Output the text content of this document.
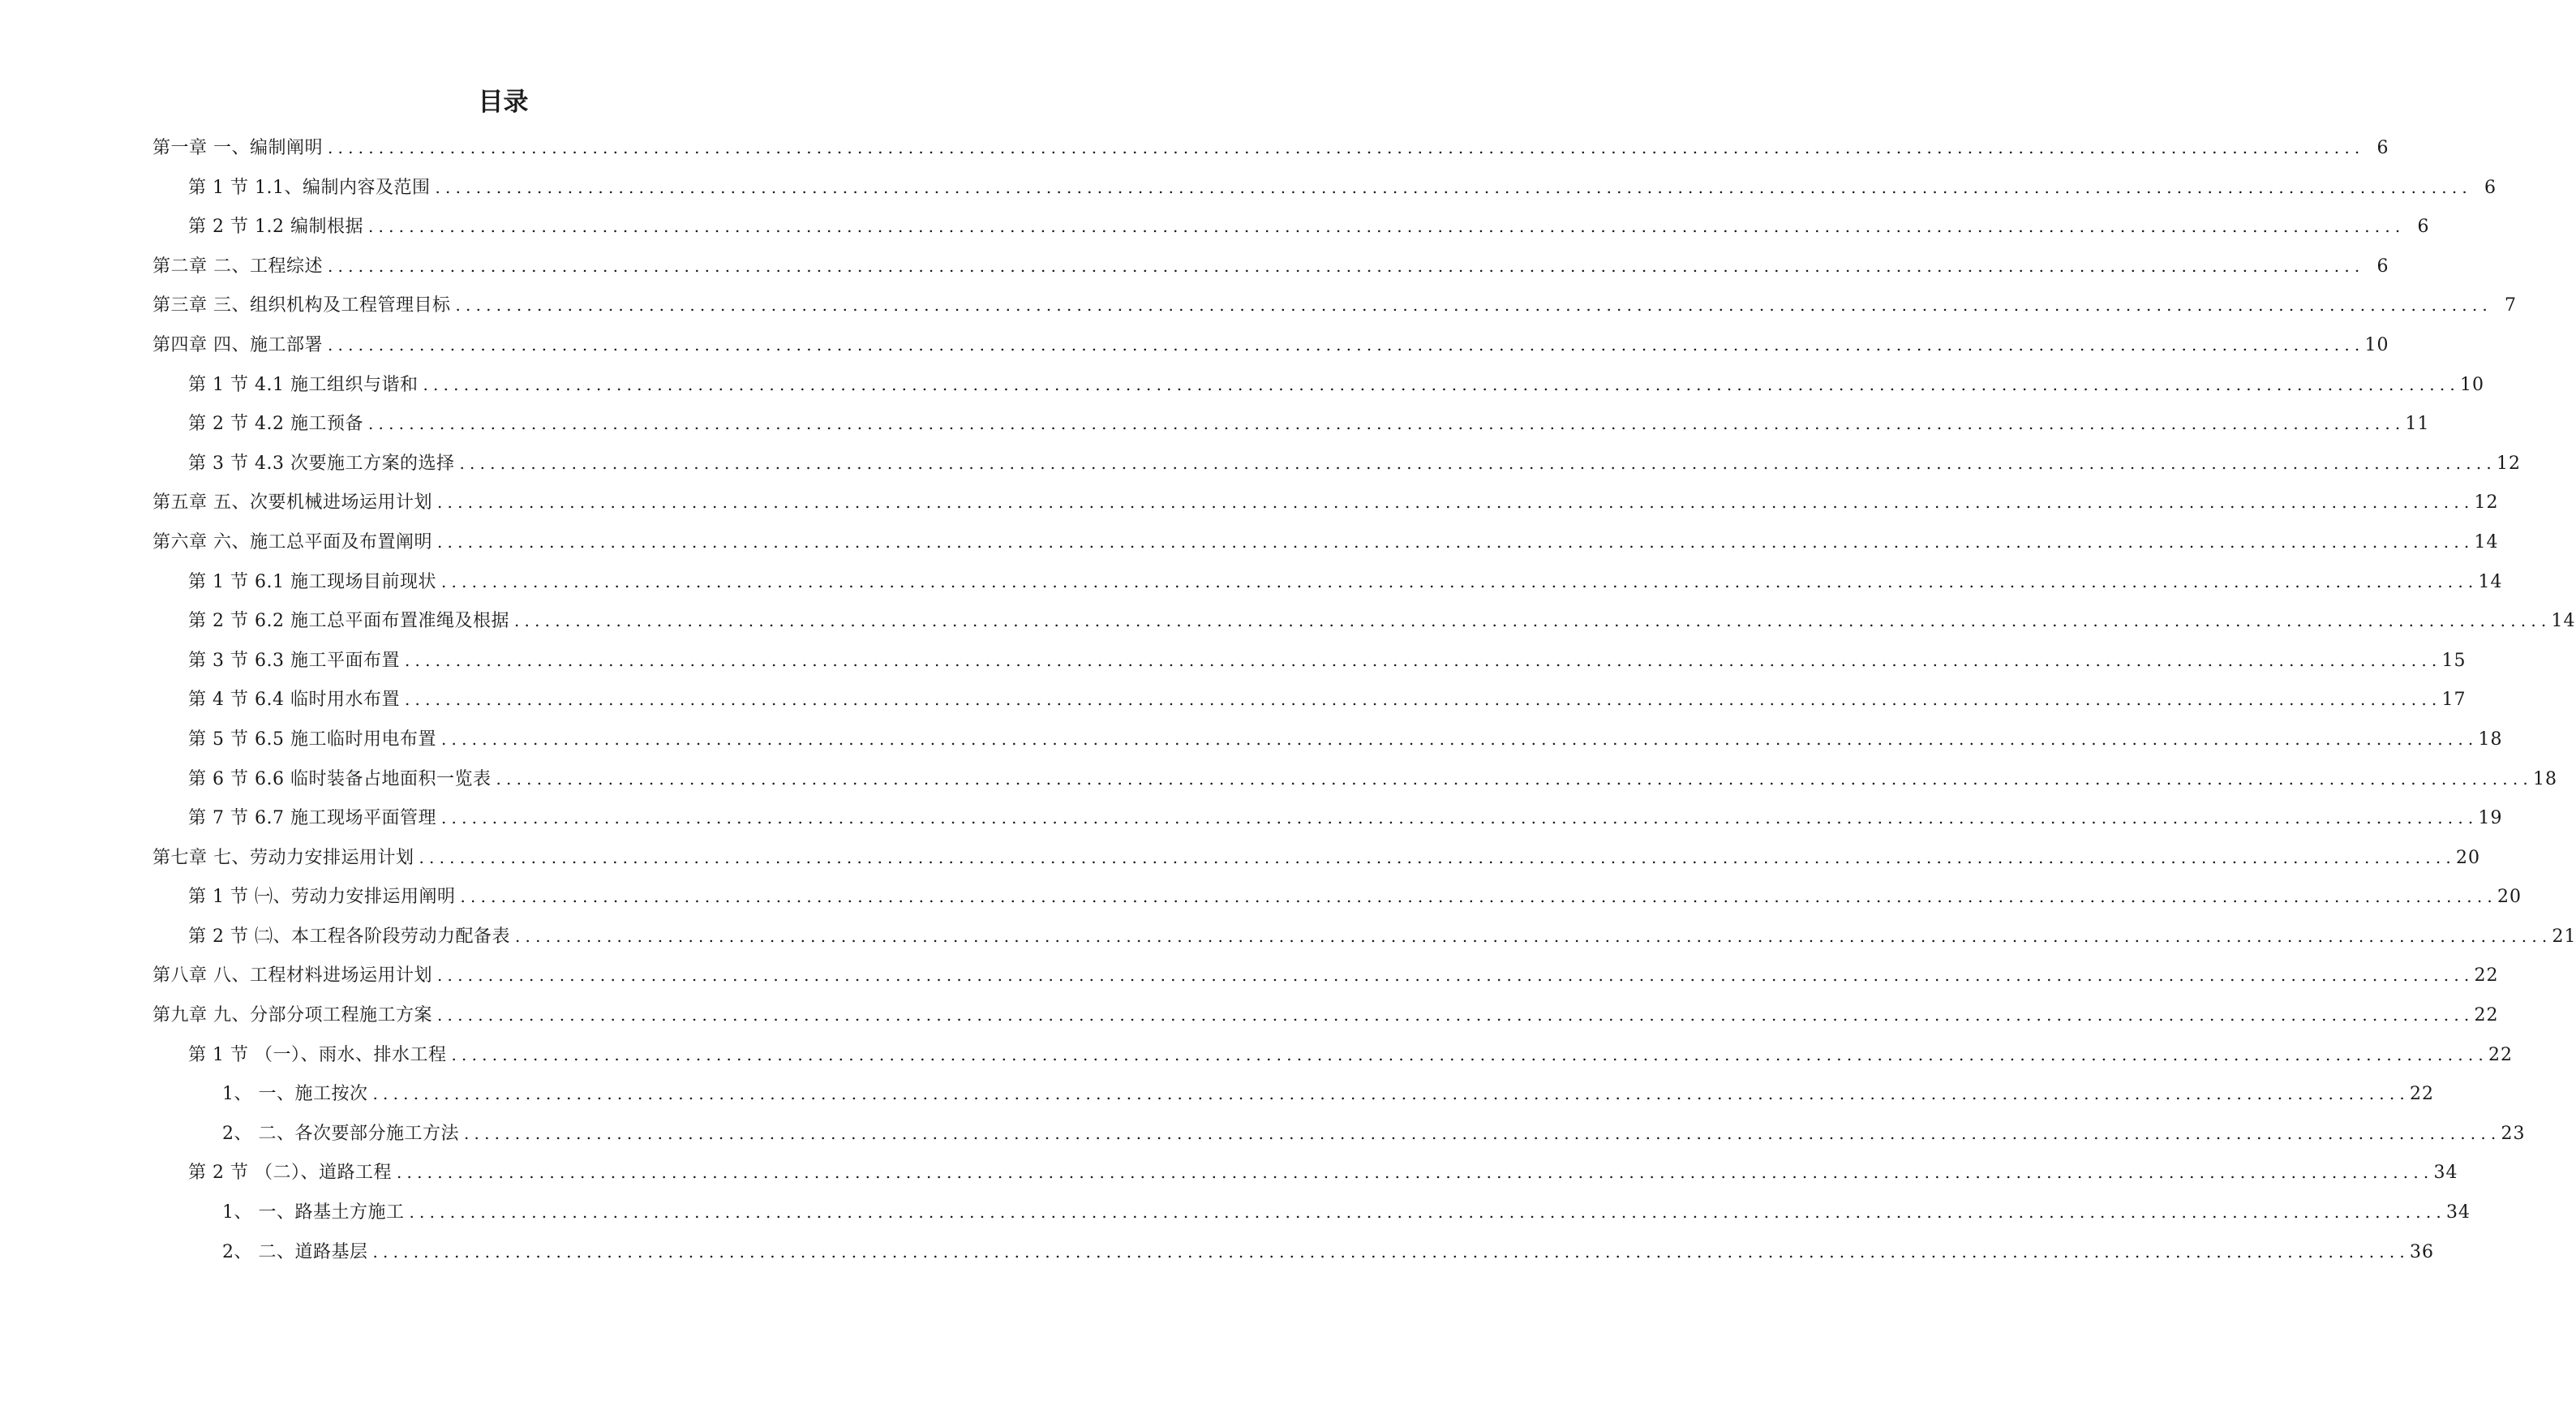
目录
第一章 一、编制阐明 ........................................................................................................................................................................................................ 6
第 1 节 1.1、编制内容及范围 ........................................................................................................................................................................................................ 6
第 2 节 1.2 编制根据 ........................................................................................................................................................................................................ 6
第二章 二、工程综述 ........................................................................................................................................................................................................ 6
第三章 三、组织机构及工程管理目标 ........................................................................................................................................................................................................ 7
第四章 四、施工部署 ........................................................................................................................................................................................................ 10
第 1 节 4.1 施工组织与谐和 ........................................................................................................................................................................................................ 10
第 2 节 4.2 施工预备 ........................................................................................................................................................................................................ 11
第 3 节 4.3 次要施工方案的选择 ........................................................................................................................................................................................................ 12
第五章 五、次要机械进场运用计划 ........................................................................................................................................................................................................ 12
第六章 六、施工总平面及布置阐明 ........................................................................................................................................................................................................ 14
第 1 节 6.1 施工现场目前现状 ........................................................................................................................................................................................................ 14
第 2 节 6.2 施工总平面布置准绳及根据 ........................................................................................................................................................................................................ 14
第 3 节 6.3 施工平面布置 ........................................................................................................................................................................................................ 15
第 4 节 6.4 临时用水布置 ........................................................................................................................................................................................................ 17
第 5 节 6.5 施工临时用电布置 ........................................................................................................................................................................................................ 18
第 6 节 6.6 临时装备占地面积一览表 ........................................................................................................................................................................................................ 18
第 7 节 6.7 施工现场平面管理 ........................................................................................................................................................................................................ 19
第七章 七、劳动力安排运用计划 ........................................................................................................................................................................................................ 20
第 1 节 ㈠、劳动力安排运用阐明 ........................................................................................................................................................................................................ 20
第 2 节 ㈡、本工程各阶段劳动力配备表 ........................................................................................................................................................................................................ 21
第八章 八、工程材料进场运用计划 ........................................................................................................................................................................................................ 22
第九章 九、分部分项工程施工方案 ........................................................................................................................................................................................................ 22
第 1 节 （一）、雨水、排水工程 ........................................................................................................................................................................................................ 22
1、 一、施工按次 ........................................................................................................................................................................................................ 22
2、 二、各次要部分施工方法 ........................................................................................................................................................................................................ 23
第 2 节 （二）、道路工程 ........................................................................................................................................................................................................ 34
1、 一、路基土方施工 ........................................................................................................................................................................................................ 34
2、 二、道路基层 ........................................................................................................................................................................................................ 36
